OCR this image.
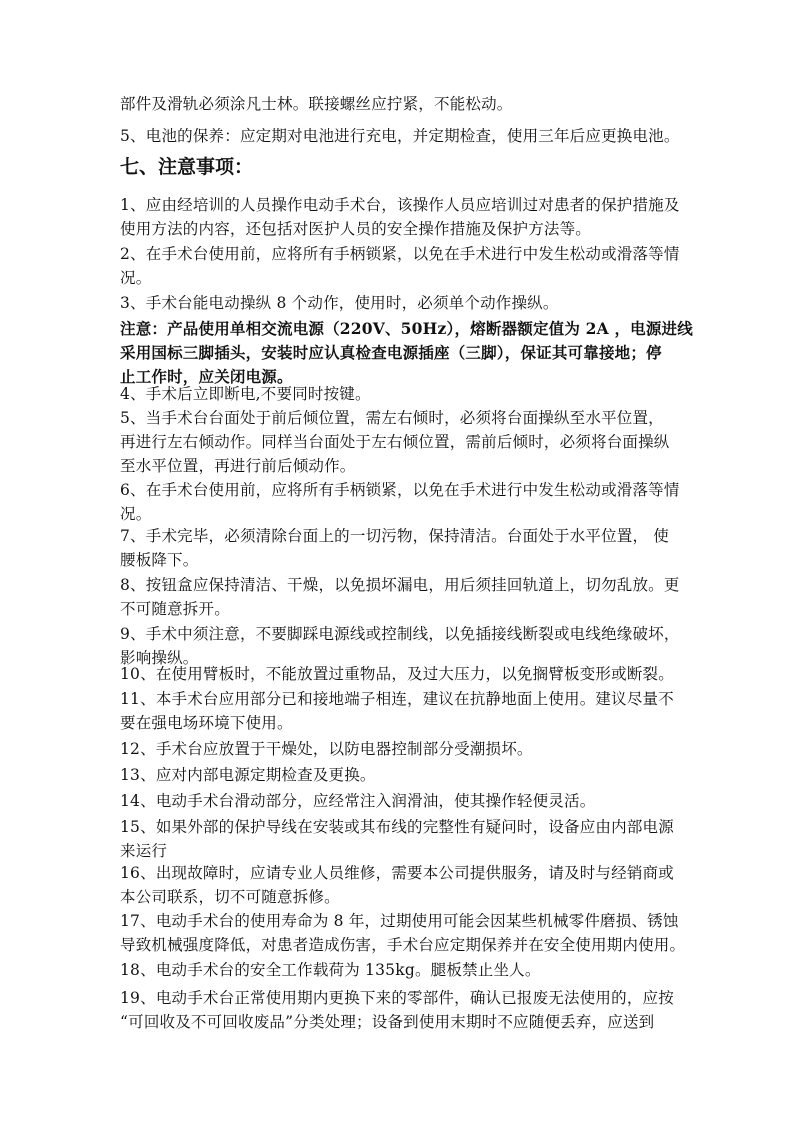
部件及滑轨必须涂凡士林。联接螺丝应拧紧，不能松动。
5、电池的保养：应定期对电池进行充电，并定期检查，使用三年后应更换电池。
七、注意事项：
1、应由经培训的人员操作电动手术台，该操作人员应培训过对患者的保护措施及
使用方法的内容，还包括对医护人员的安全操作措施及保护方法等。
2、在手术台使用前，应将所有手柄锁紧，以免在手术进行中发生松动或滑落等情
况。
3、手术台能电动操纵 8 个动作，使用时，必须单个动作操纵。
注意：产品使用单相交流电源（220V、50Hz），熔断器额定值为 2A ，电源进线
采用国标三脚插头，安装时应认真检查电源插座（三脚），保证其可靠接地；停
止工作时，应关闭电源。
4、手术后立即断电,不要同时按键。
5、当手术台台面处于前后倾位置，需左右倾时，必须将台面操纵至水平位置，
再进行左右倾动作。同样当台面处于左右倾位置，需前后倾时，必须将台面操纵
至水平位置，再进行前后倾动作。
6、在手术台使用前，应将所有手柄锁紧，以免在手术进行中发生松动或滑落等情
况。
7、手术完毕，必须清除台面上的一切污物，保持清洁。台面处于水平位置， 使
腰板降下。
8、按钮盒应保持清洁、干燥，以免损坏漏电，用后须挂回轨道上，切勿乱放。更
不可随意拆开。
9、手术中须注意，不要脚踩电源线或控制线，以免插接线断裂或电线绝缘破坏，
影响操纵。
10、在使用臂板时，不能放置过重物品，及过大压力，以免搁臂板变形或断裂。
11、本手术台应用部分已和接地端子相连，建议在抗静地面上使用。建议尽量不
要在强电场环境下使用。
12、手术台应放置于干燥处，以防电器控制部分受潮损坏。
13、应对内部电源定期检查及更换。
14、电动手术台滑动部分，应经常注入润滑油，使其操作轻便灵活。
15、如果外部的保护导线在安装或其布线的完整性有疑问时，设备应由内部电源
来运行
16、出现故障时，应请专业人员维修，需要本公司提供服务，请及时与经销商或
本公司联系，切不可随意拆修。
17、电动手术台的使用寿命为 8 年，过期使用可能会因某些机械零件磨损、锈蚀
导致机械强度降低，对患者造成伤害，手术台应定期保养并在安全使用期内使用。
18、电动手术台的安全工作载荷为 135kg。腿板禁止坐人。
19、电动手术台正常使用期内更换下来的零部件，确认已报废无法使用的，应按
“可回收及不可回收废品”分类处理；设备到使用末期时不应随便丢弃，应送到
